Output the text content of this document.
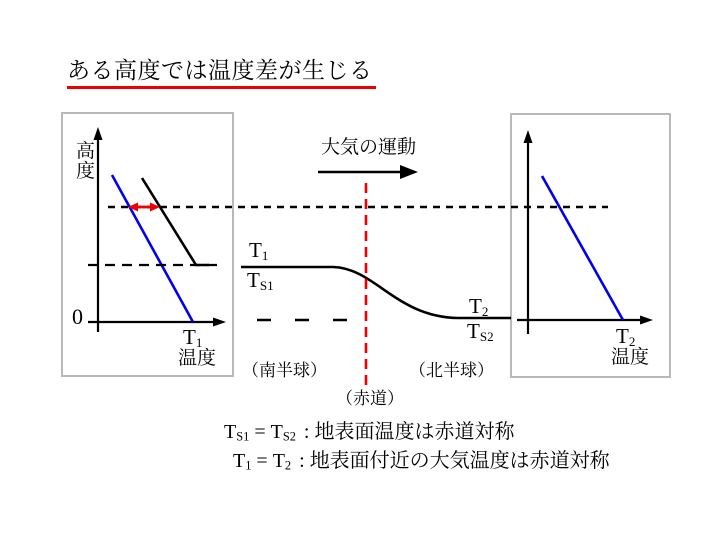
ある高度では温度差が生じる
高度
0
T1
温度
大気の運動
T1
TS1
T2
TS2
（南半球）	（北半球）
（赤道）
T2
温度
TS1 = TS2 : 地表面温度は赤道対称
T1 = T2 : 地表面付近の大気温度は赤道対称
